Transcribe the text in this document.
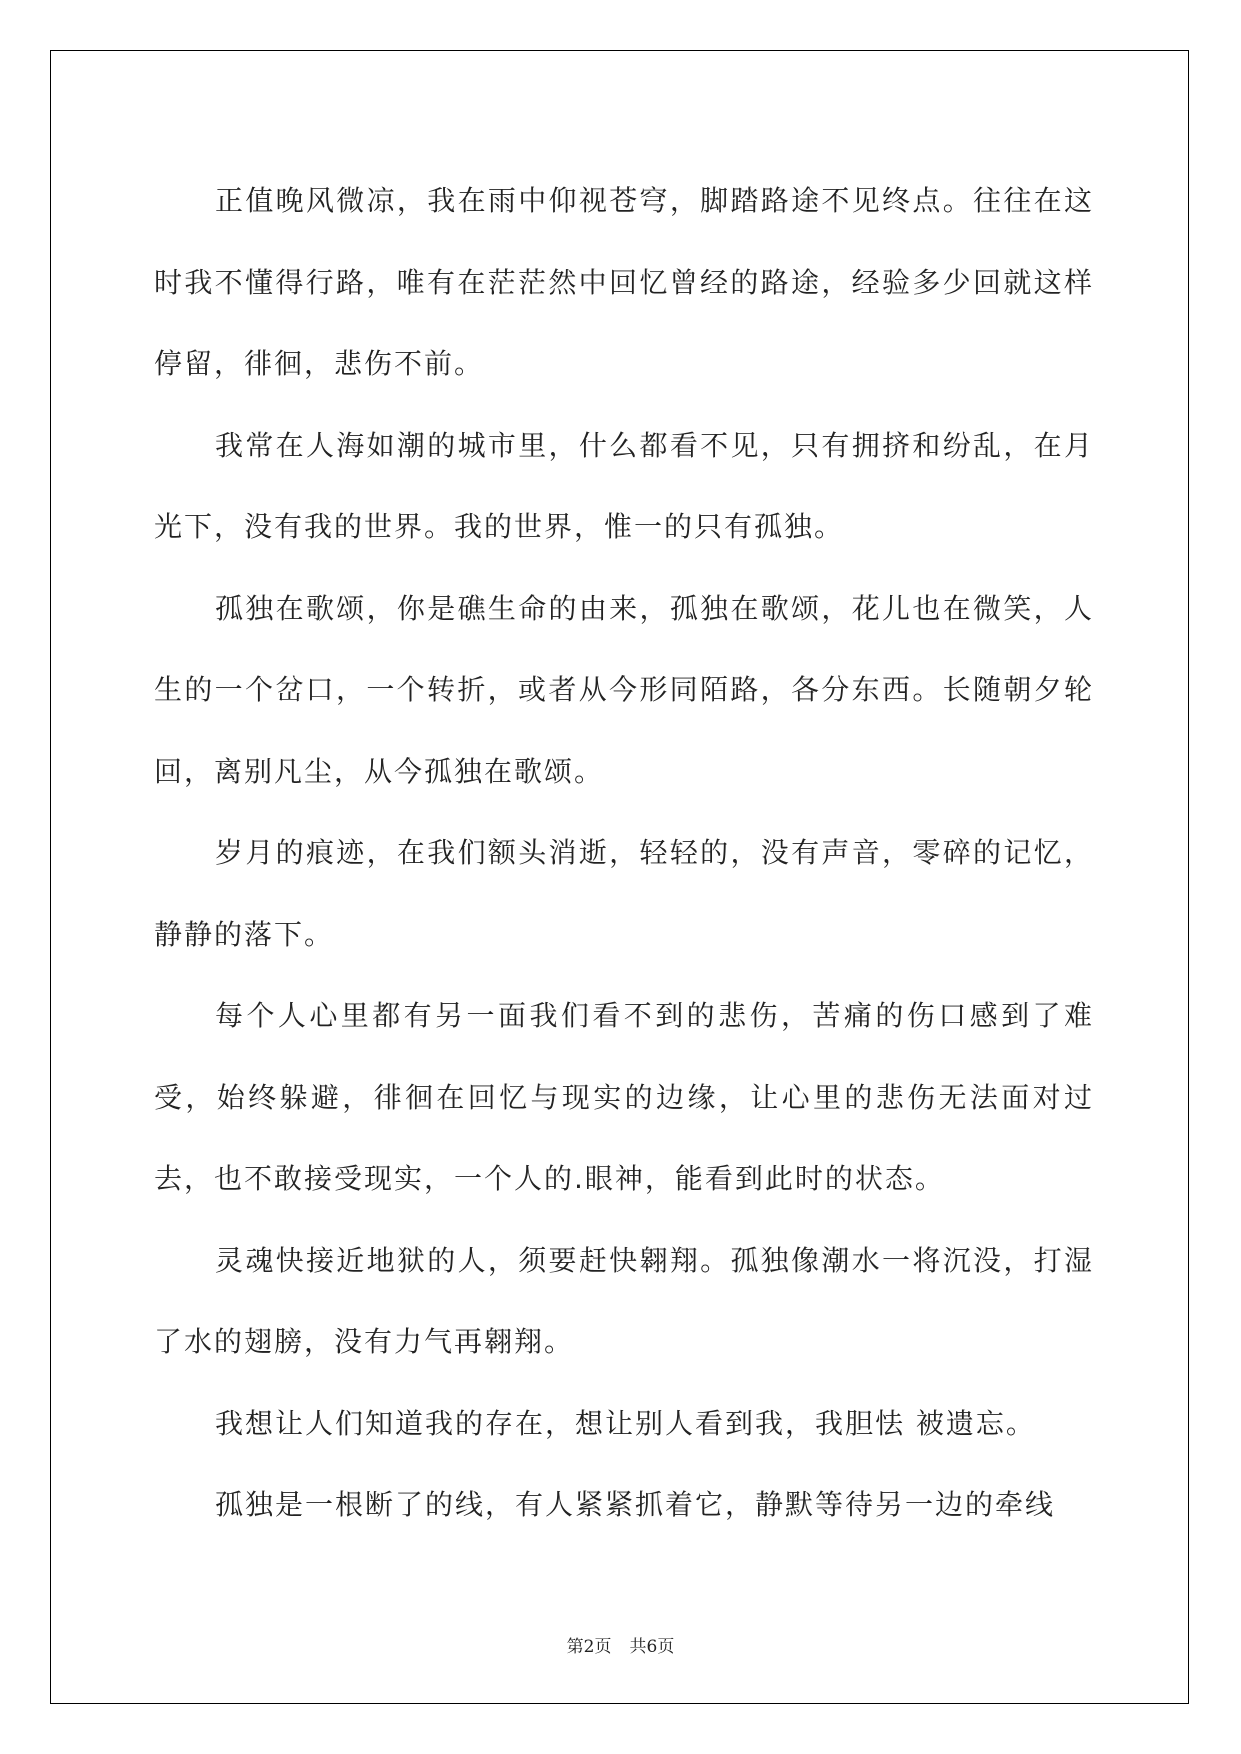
正值晚风微凉，我在雨中仰视苍穹，脚踏路途不见终点。往往在这时我不懂得行路，唯有在茫茫然中回忆曾经的路途，经验多少回就这样停留，徘徊，悲伤不前。

我常在人海如潮的城市里，什么都看不见，只有拥挤和纷乱，在月光下，没有我的世界。我的世界，惟一的只有孤独。

孤独在歌颂，你是礁生命的由来，孤独在歌颂，花儿也在微笑，人生的一个岔口，一个转折，或者从今形同陌路，各分东西。长随朝夕轮回，离别凡尘，从今孤独在歌颂。

岁月的痕迹，在我们额头消逝，轻轻的，没有声音，零碎的记忆，静静的落下。

每个人心里都有另一面我们看不到的悲伤，苦痛的伤口感到了难受，始终躲避，徘徊在回忆与现实的边缘，让心里的悲伤无法面对过去，也不敢接受现实，一个人的.眼神，能看到此时的状态。

灵魂快接近地狱的人，须要赶快翱翔。孤独像潮水一将沉没，打湿了水的翅膀，没有力气再翱翔。

我想让人们知道我的存在，想让别人看到我，我胆怯 被遗忘。

孤独是一根断了的线，有人紧紧抓着它，静默等待另一边的牵线

第2页 共6页
